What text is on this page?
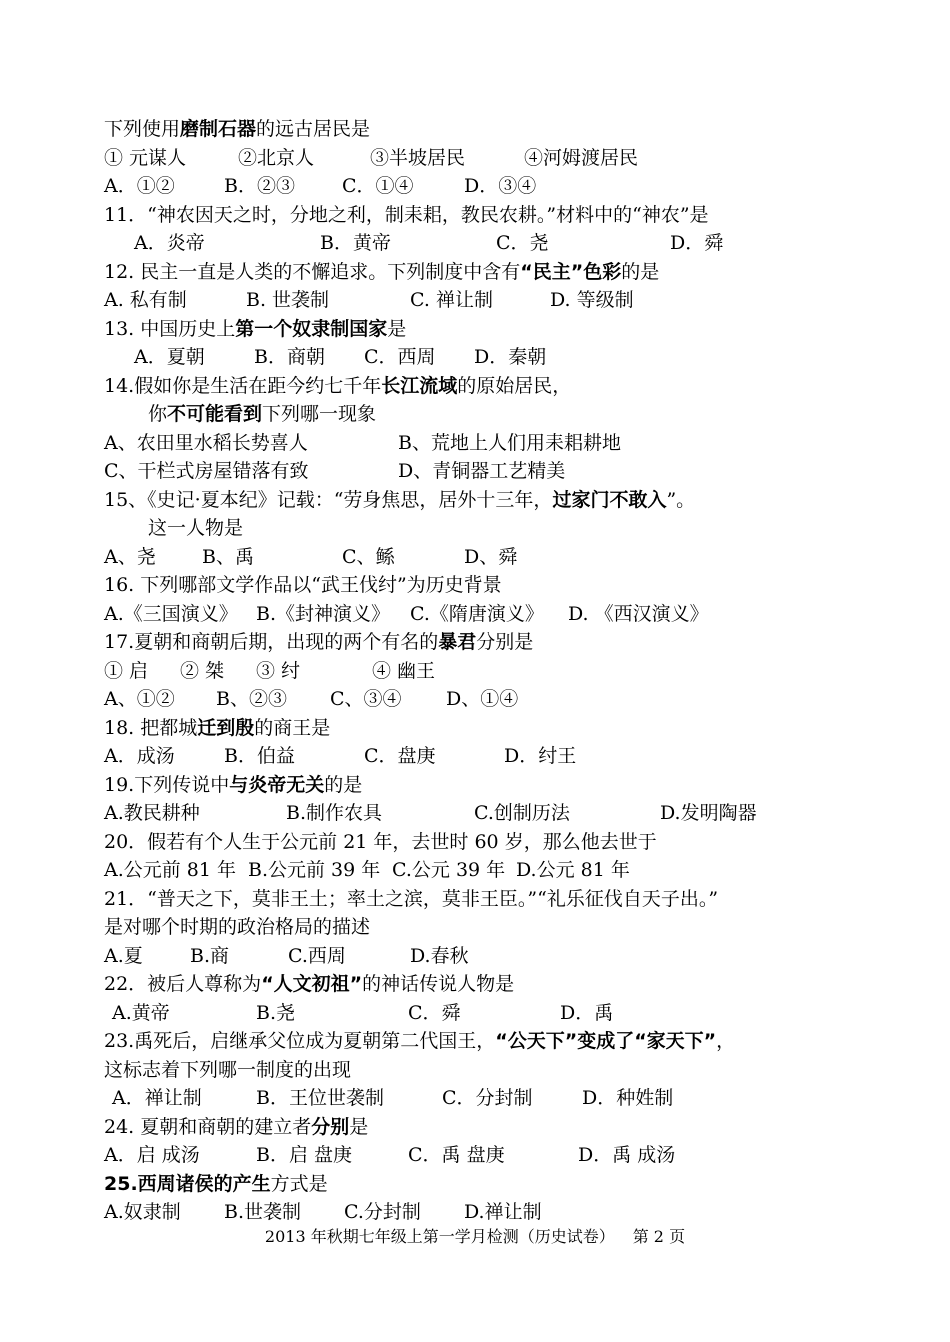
下列使用磨制石器的远古居民是
① 元谋人	②北京人	③半坡居民	④河姆渡居民
A．①②	B．②③ C．①④	D．③④
11．“神农因天之时，分地之利，制耒耜，教民农耕。”材料中的“神农”是
A．炎帝	B．黄帝	C．尧	D．舜
12. 民主一直是人类的不懈追求。下列制度中含有“民主”色彩的是
A. 私有制	B. 世袭制	C. 禅让制	D. 等级制
13. 中国历史上第一个奴隶制国家是
A．夏朝	B．商朝 C．西周 D．秦朝
14.假如你是生活在距今约七千年长江流域的原始居民，
你不可能看到下列哪一现象
A、农田里水稻长势喜人	B、荒地上人们用耒耜耕地
C、干栏式房屋错落有致	D、青铜器工艺精美
15、《史记·夏本纪》记载：“劳身焦思，居外十三年，过家门不敢入”。
这一人物是
A、尧 B、禹	C、鲧	D、舜
16. 下列哪部文学作品以“武王伐纣”为历史背景
A.《三国演义》 B.《封神演义》 C.《隋唐演义》 D. 《西汉演义》
17.夏朝和商朝后期，出现的两个有名的暴君分别是
① 启 ② 桀 ③ 纣	④ 幽王
A、①② B、②③ C、③④ D、①④
18. 把都城迁到殷的商王是
A．成汤	B．伯益	C．盘庚	D．纣王
19.下列传说中与炎帝无关的是
A.教民耕种	B.制作农具	C.创制历法	D.发明陶器
20．假若有个人生于公元前 21 年，去世时 60 岁，那么他去世于
A.公元前 81 年 B.公元前 39 年 C.公元 39 年 D.公元 81 年
21．“普天之下，莫非王土；率土之滨，莫非王臣。”“礼乐征伐自天子出。”
是对哪个时期的政治格局的描述
A.夏 B.商	C.西周	D.春秋
22．被后人尊称为“人文初祖”的神话传说人物是
A.黄帝	B.尧	C．舜	D．禹
23.禹死后，启继承父位成为夏朝第二代国王，“公天下”变成了“家天下”，
这标志着下列哪一制度的出现
A．禅让制	B．王位世袭制	C．分封制	D．种姓制
24. 夏朝和商朝的建立者分别是
A．启 成汤	B．启 盘庚	C．禹 盘庚	D．禹 成汤
25.西周诸侯的产生方式是
A.奴隶制 B.世袭制 C.分封制 D.禅让制
2013 年秋期七年级上第一学月检测（历史试卷） 第 2 页
